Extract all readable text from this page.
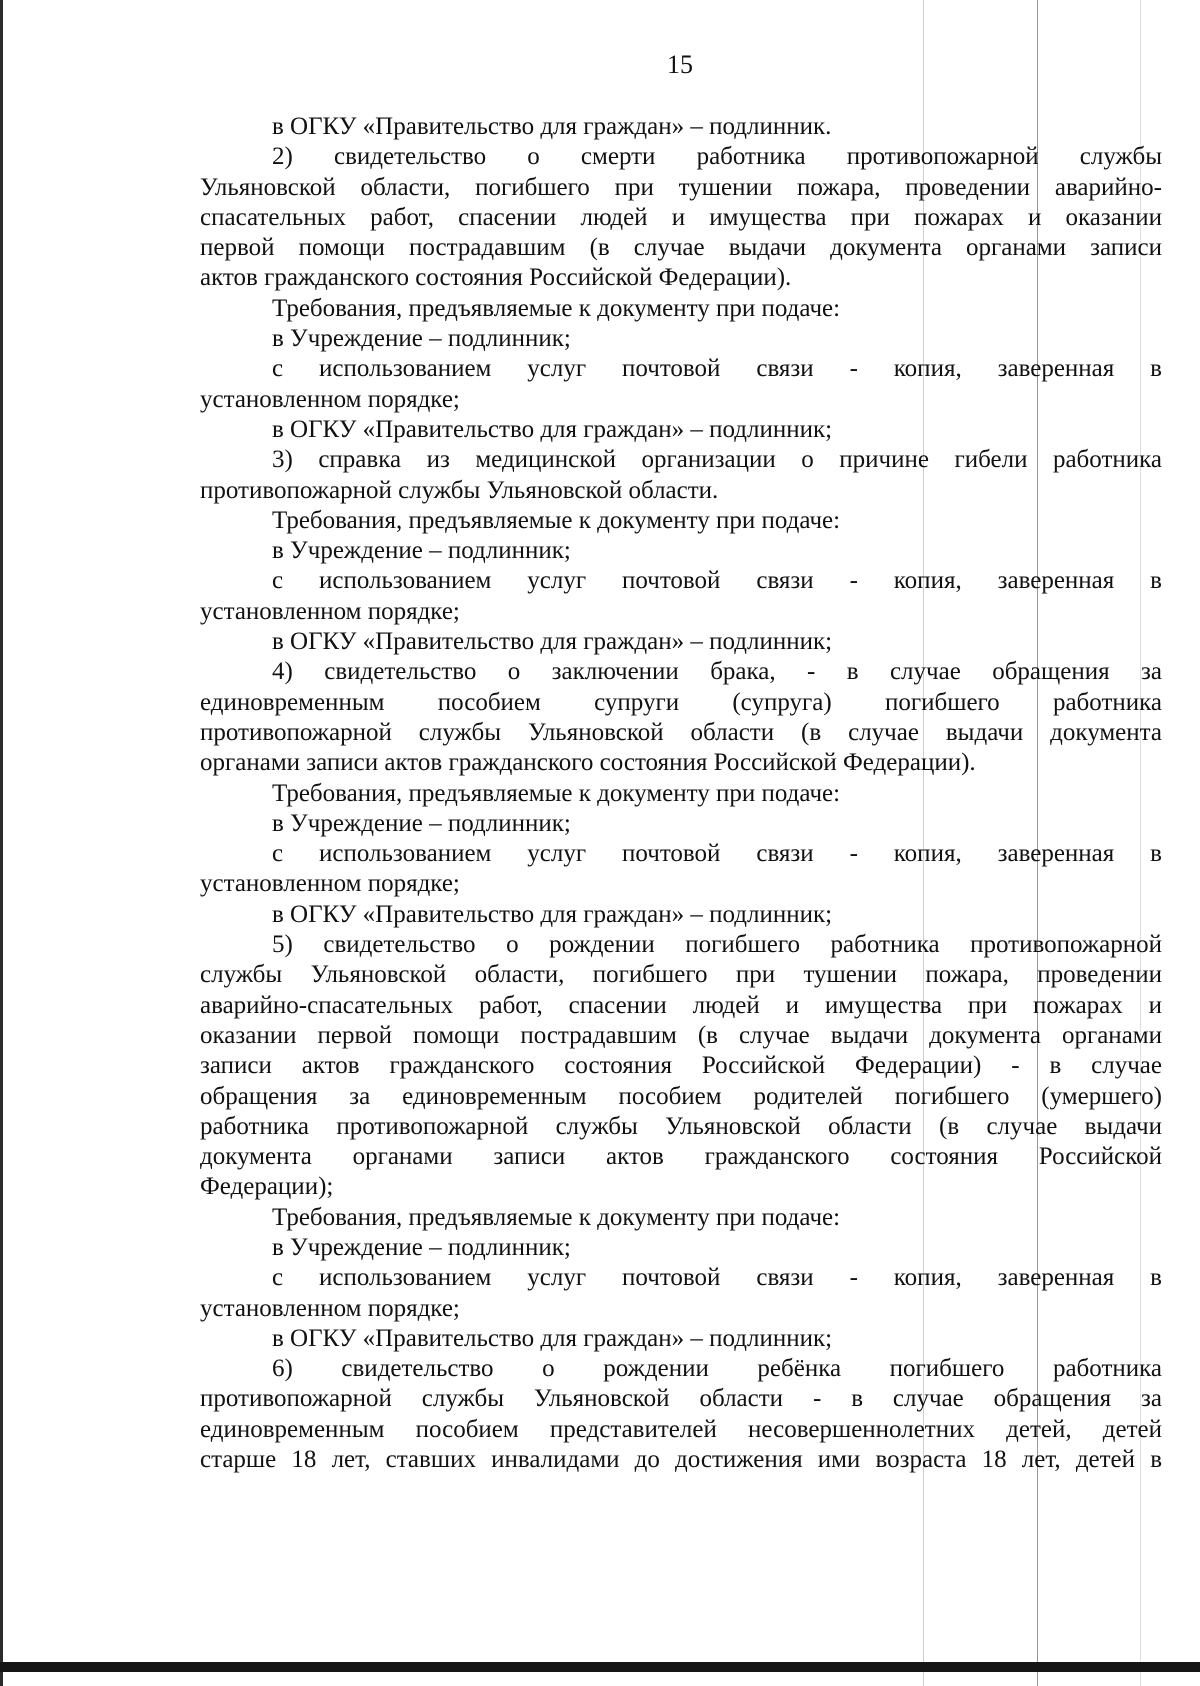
15

в ОГКУ «Правительство для граждан» – подлинник.

2) свидетельство о смерти работника противопожарной службы

Ульяновской области, погибшего при тушении пожара, проведении аварийно-

спасательных работ, спасении людей и имущества при пожарах и оказании

первой помощи пострадавшим (в случае выдачи документа органами записи

актов гражданского состояния Российской Федерации).

Требования, предъявляемые к документу при подаче:

в Учреждение – подлинник;

с использованием услуг почтовой связи - копия, заверенная в

установленном порядке;

в ОГКУ «Правительство для граждан» – подлинник;

3) справка из медицинской организации о причине гибели работника

противопожарной службы Ульяновской области.

Требования, предъявляемые к документу при подаче:

в Учреждение – подлинник;

с использованием услуг почтовой связи - копия, заверенная в

установленном порядке;

в ОГКУ «Правительство для граждан» – подлинник;

4) свидетельство о заключении брака, - в случае обращения за

единовременным пособием супруги (супруга) погибшего работника

противопожарной службы Ульяновской области (в случае выдачи документа

органами записи актов гражданского состояния Российской Федерации).

Требования, предъявляемые к документу при подаче:

в Учреждение – подлинник;

с использованием услуг почтовой связи - копия, заверенная в

установленном порядке;

в ОГКУ «Правительство для граждан» – подлинник;

5) свидетельство о рождении погибшего работника противопожарной

службы Ульяновской области, погибшего при тушении пожара, проведении

аварийно-спасательных работ, спасении людей и имущества при пожарах и

оказании первой помощи пострадавшим (в случае выдачи документа органами

записи актов гражданского состояния Российской Федерации) - в случае

обращения за единовременным пособием родителей погибшего (умершего)

работника противопожарной службы Ульяновской области (в случае выдачи

документа органами записи актов гражданского состояния Российской

Федерации);

Требования, предъявляемые к документу при подаче:

в Учреждение – подлинник;

с использованием услуг почтовой связи - копия, заверенная в

установленном порядке;

в ОГКУ «Правительство для граждан» – подлинник;

6) свидетельство о рождении ребёнка погибшего работника

противопожарной службы Ульяновской области - в случае обращения за

единовременным пособием представителей несовершеннолетних детей, детей

старше 18 лет, ставших инвалидами до достижения ими возраста 18 лет, детей в
